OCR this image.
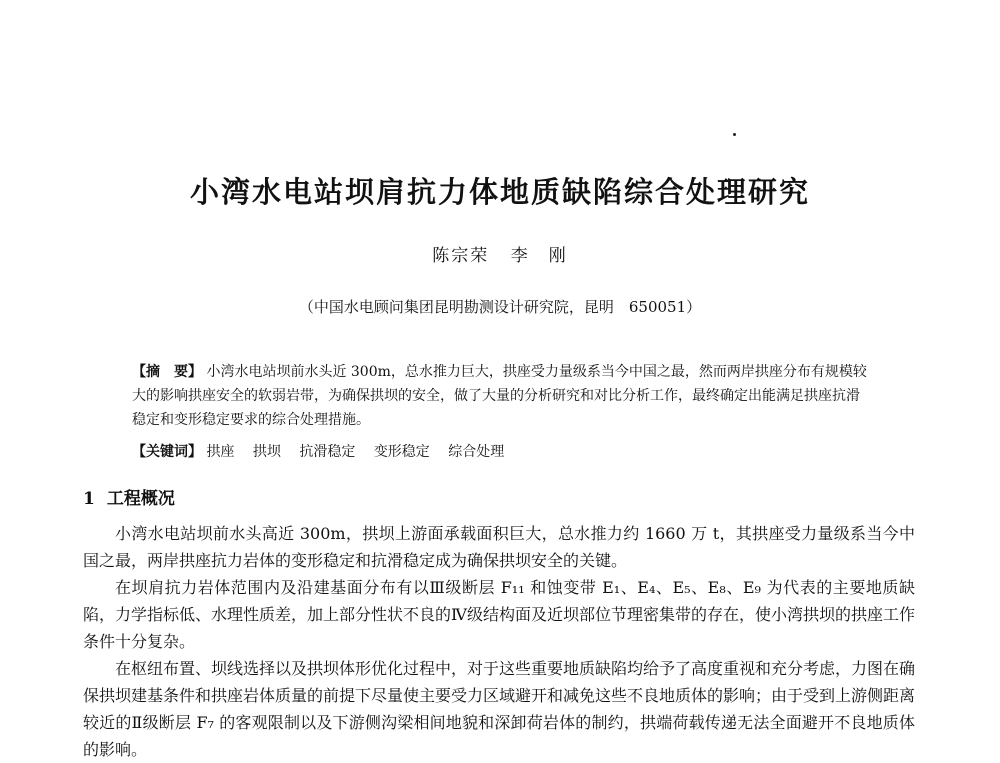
小湾水电站坝肩抗力体地质缺陷综合处理研究

陈宗荣 李　刚

（中国水电顾问集团昆明勘测设计研究院，昆明　650051）

【摘　要】 小湾水电站坝前水头近 300m，总水推力巨大，拱座受力量级系当今中国之最，然而两岸拱座分布有规模较大的影响拱座安全的软弱岩带，为确保拱坝的安全，做了大量的分析研究和对比分析工作，最终确定出能满足拱座抗滑稳定和变形稳定要求的综合处理措施。

【关键词】 拱座 拱坝 抗滑稳定 变形稳定 综合处理

1 工程概况

小湾水电站坝前水头高近 300m，拱坝上游面承载面积巨大，总水推力约 1660 万 t，其拱座受力量级系当今中国之最，两岸拱座抗力岩体的变形稳定和抗滑稳定成为确保拱坝安全的关键。

在坝肩抗力岩体范围内及沿建基面分布有以Ⅲ级断层 F₁₁ 和蚀变带 E₁、E₄、E₅、E₈、E₉ 为代表的主要地质缺陷，力学指标低、水理性质差，加上部分性状不良的Ⅳ级结构面及近坝部位节理密集带的存在，使小湾拱坝的拱座工作条件十分复杂。

在枢纽布置、坝线选择以及拱坝体形优化过程中，对于这些重要地质缺陷均给予了高度重视和充分考虑，力图在确保拱坝建基条件和拱座岩体质量的前提下尽量使主要受力区域避开和减免这些不良地质体的影响；由于受到上游侧距离较近的Ⅱ级断层 F₇ 的客观限制以及下游侧沟梁相间地貌和深卸荷岩体的制约，拱端荷载传递无法全面避开不良地质体的影响。
